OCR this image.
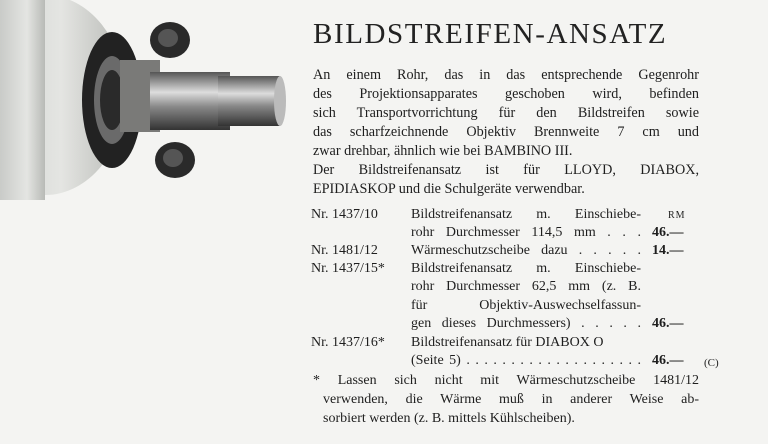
BILDSTREIFEN-ANSATZ
An einem Rohr, das in das entsprechende Gegenrohr
des Projektionsapparates geschoben wird, befinden
sich Transportvorrichtung für den Bildstreifen sowie
das scharfzeichnende Objektiv Brennweite 7 cm und
zwar drehbar, ähnlich wie bei BAMBINO III.
Der Bildstreifenansatz ist für LLOYD, DIABOX,
EPIDIASKOP und die Schulgeräte verwendbar.
RM
Nr. 1437/10 Bildstreifenansatz m. Einschiebe-
rohr Durchmesser 114,5 mm . . . 46.—
Nr. 1481/12 Wärmeschutzscheibe dazu . . . . . 14.—
Nr. 1437/15* Bildstreifenansatz m. Einschiebe-
rohr Durchmesser 62,5 mm (z. B.
für Objektiv-Auswechselfassun-
gen dieses Durchmessers) . . . . . 46.—
Nr. 1437/16* Bildstreifenansatz für DIABOX O
(Seite 5) . . . . . . . . . . . . . . . . . . . . 46.— (C)
* Lassen sich nicht mit Wärmeschutzscheibe 1481/12
verwenden, die Wärme muß in anderer Weise ab-
sorbiert werden (z. B. mittels Kühlscheiben).
